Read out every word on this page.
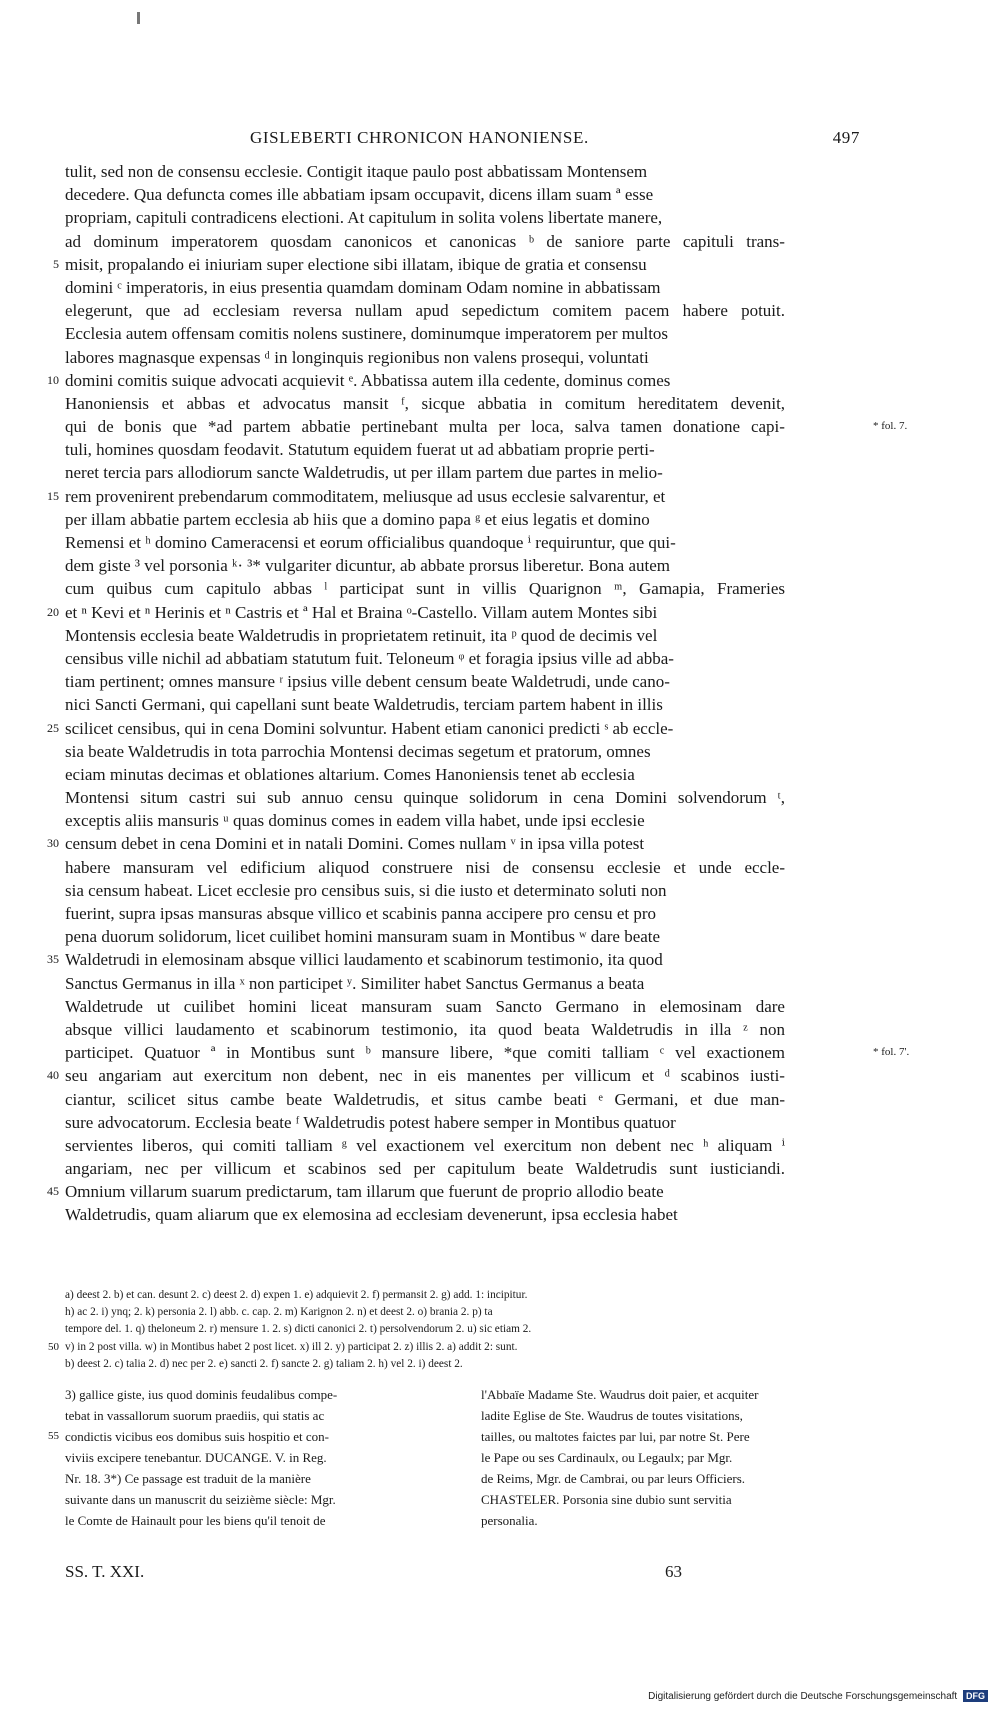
GISLEBERTI CHRONICON HANONIENSE.	497
tulit, sed non de consensu ecclesie. Contigit itaque paulo post abbatissam Montensem
decedere. Qua defuncta comes ille abbatiam ipsam occupavit, dicens illam suam ª esse
propriam, capituli contradicens electioni. At capitulum in solita volens libertate manere,
ad dominum imperatorem quosdam canonicos et canonicas ᵇ de saniore parte capituli trans-
5 misit, propalando ei iniuriam super electione sibi illatam, ibique de gratia et consensu
domini ᶜ imperatoris, in eius presentia quamdam dominam Odam nomine in abbatissam
elegerunt, que ad ecclesiam reversa nullam apud sepedictum comitem pacem habere potuit.
Ecclesia autem offensam comitis nolens sustinere, dominumque imperatorem per multos
labores magnasque expensas ᵈ in longinquis regionibus non valens prosequi, voluntati
10 domini comitis suique advocati acquievit ᵉ. Abbatissa autem illa cedente, dominus comes
Hanoniensis et abbas et advocatus mansit ᶠ, sicque abbatia in comitum hereditatem devenit,
qui de bonis que *ad partem abbatie pertinebant multa per loca, salva tamen donatione capi-	* fol. 7.
tuli, homines quosdam feodavit. Statutum equidem fuerat ut ad abbatiam proprie perti-
neret tercia pars allodiorum sancte Waldetrudis, ut per illam partem due partes in melio-
15 rem provenirent prebendarum commoditatem, meliusque ad usus ecclesie salvarentur, et
per illam abbatie partem ecclesia ab hiis que a domino papa ᵍ et eius legatis et domino
Remensi et ʰ domino Cameracensi et eorum officialibus quandoque ⁱ requiruntur, que qui-
dem giste ³ vel porsonia ᵏ· ³* vulgariter dicuntur, ab abbate prorsus liberetur. Bona autem
cum quibus cum capitulo abbas ˡ participat sunt in villis Quarignon ᵐ, Gamapia, Frameries
20 et ⁿ Kevi et ⁿ Herinis et ⁿ Castris et ª Hal et Braina ᵒ-Castello. Villam autem Montes sibi
Montensis ecclesia beate Waldetrudis in proprietatem retinuit, ita ᵖ quod de decimis vel
censibus ville nichil ad abbatiam statutum fuit. Teloneum ᵠ et foragia ipsius ville ad abba-
tiam pertinent; omnes mansure ʳ ipsius ville debent censum beate Waldetrudi, unde cano-
nici Sancti Germani, qui capellani sunt beate Waldetrudis, terciam partem habent in illis
25 scilicet censibus, qui in cena Domini solvuntur. Habent etiam canonici predicti ˢ ab eccle-
sia beate Waldetrudis in tota parrochia Montensi decimas segetum et pratorum, omnes
eciam minutas decimas et oblationes altarium. Comes Hanoniensis tenet ab ecclesia
Montensi situm castri sui sub annuo censu quinque solidorum in cena Domini solvendorum ᵗ,
exceptis aliis mansuris ᵘ quas dominus comes in eadem villa habet, unde ipsi ecclesie
30 censum debet in cena Domini et in natali Domini. Comes nullam ᵛ in ipsa villa potest
habere mansuram vel edificium aliquod construere nisi de consensu ecclesie et unde eccle-
sia censum habeat. Licet ecclesie pro censibus suis, si die iusto et determinato soluti non
fuerint, supra ipsas mansuras absque villico et scabinis panna accipere pro censu et pro
pena duorum solidorum, licet cuilibet homini mansuram suam in Montibus ʷ dare beate
35 Waldetrudi in elemosinam absque villici laudamento et scabinorum testimonio, ita quod
Sanctus Germanus in illa ˣ non participet ʸ. Similiter habet Sanctus Germanus a beata
Waldetrude ut cuilibet homini liceat mansuram suam Sancto Germano in elemosinam dare
absque villici laudamento et scabinorum testimonio, ita quod beata Waldetrudis in illa ᶻ non
participet. Quatuor ª in Montibus sunt ᵇ mansure libere, *que comiti talliam ᶜ vel exactionem	* fol. 7'.
40 seu angariam aut exercitum non debent, nec in eis manentes per villicum et ᵈ scabinos iusti-
ciantur, scilicet situs cambe beate Waldetrudis, et situs cambe beati ᵉ Germani, et due man-
sure advocatorum. Ecclesia beate ᶠ Waldetrudis potest habere semper in Montibus quatuor
servientes liberos, qui comiti talliam ᵍ vel exactionem vel exercitum non debent nec ʰ aliquam ⁱ
angariam, nec per villicum et scabinos sed per capitulum beate Waldetrudis sunt iusticiandi.
45 Omnium villarum suarum predictarum, tam illarum que fuerunt de proprio allodio beate
Waldetrudis, quam aliarum que ex elemosina ad ecclesiam devenerunt, ipsa ecclesia habet
a) deest 2. b) et can. desunt 2. c) deest 2. d) expen 1. e) adquievit 2. f) permansit 2. g) add. 1: incipitur.
h) ac 2. i) ynq; 2. k) personia 2. l) abb. c. cap. 2. m) Karignon 2. n) et deest 2. o) brania 2. p) ta
tempore del. 1. q) theloneum 2. r) mensure 1. 2. s) dicti canonici 2. t) persolvendorum 2. u) sic etiam 2.
50 v) in 2 post villa. w) in Montibus habet 2 post licet. x) ill 2. y) participat 2. z) illis 2. a) addit 2: sunt.
b) deest 2. c) talia 2. d) nec per 2. e) sancti 2. f) sancte 2. g) taliam 2. h) vel 2. i) deest 2.
3) gallice giste, ius quod dominis feudalibus compe-
tebat in vassallorum suorum praediis, qui statis ac
55 condictis vicibus eos domibus suis hospitio et con-
viviis excipere tenebantur. DUCANGE. V. in Reg.
Nr. 18. 3*) Ce passage est traduit de la manière
suivante dans un manuscrit du seizième siècle: Mgr.
le Comte de Hainault pour les biens qu'il tenoit de
l'Abbaïe Madame Ste. Waudrus doit paier, et acquiter
ladite Eglise de Ste. Waudrus de toutes visitations,
tailles, ou maltotes faictes par lui, par notre St. Pere
le Pape ou ses Cardinaulx, ou Legaulx; par Mgr.
de Reims, Mgr. de Cambrai, ou par leurs Officiers.
CHASTELER. Porsonia sine dubio sunt servitia
personalia.
SS. T. XXI.	63
Digitalisierung gefördert durch die Deutsche Forschungsgemeinschaft DFG
